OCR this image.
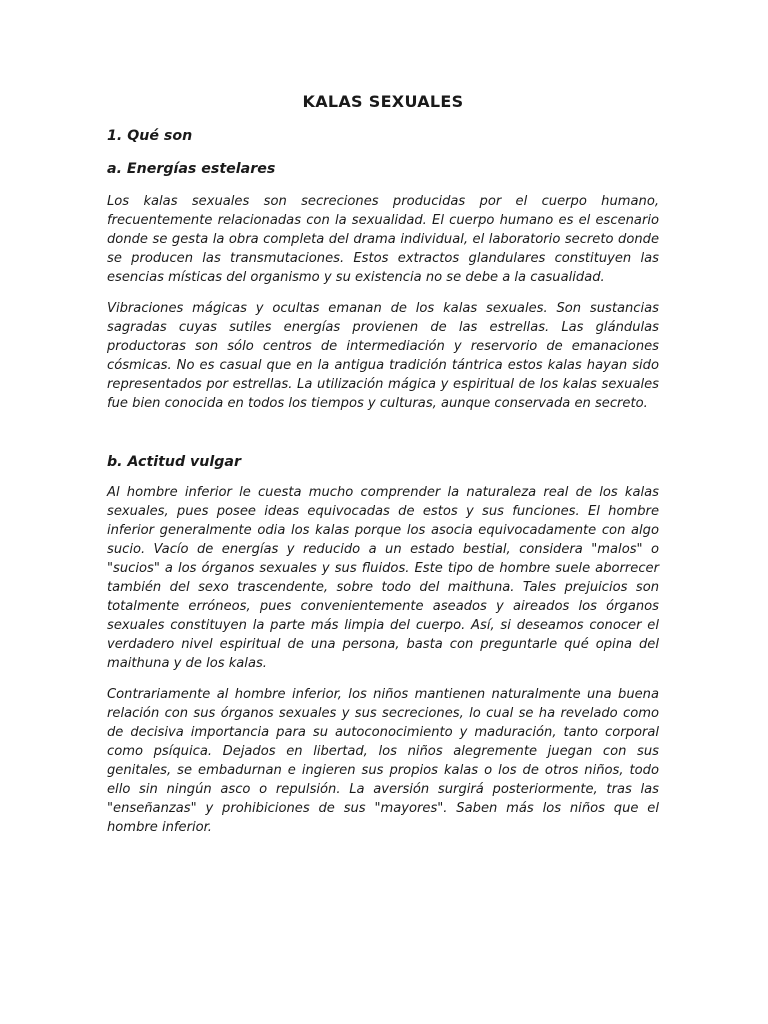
KALAS SEXUALES
1. Qué son
a. Energías estelares

Los kalas sexuales son secreciones producidas por el cuerpo humano, frecuentemente relacionadas con la sexualidad. El cuerpo humano es el escenario donde se gesta la obra completa del drama individual, el laboratorio secreto donde se producen las transmutaciones. Estos extractos glandulares constituyen las esencias místicas del organismo y su existencia no se debe a la casualidad.

Vibraciones mágicas y ocultas emanan de los kalas sexuales. Son sustancias sagradas cuyas sutiles energías provienen de las estrellas. Las glándulas productoras son sólo centros de intermediación y reservorio de emanaciones cósmicas. No es casual que en la antigua tradición tántrica estos kalas hayan sido representados por estrellas. La utilización mágica y espiritual de los kalas sexuales fue bien conocida en todos los tiempos y culturas, aunque conservada en secreto.

b. Actitud vulgar

Al hombre inferior le cuesta mucho comprender la naturaleza real de los kalas sexuales, pues posee ideas equivocadas de estos y sus funciones. El hombre inferior generalmente odia los kalas porque los asocia equivocadamente con algo sucio. Vacío de energías y reducido a un estado bestial, considera "malos" o "sucios" a los órganos sexuales y sus fluidos. Este tipo de hombre suele aborrecer también del sexo trascendente, sobre todo del maithuna. Tales prejuicios son totalmente erróneos, pues convenientemente aseados y aireados los órganos sexuales constituyen la parte más limpia del cuerpo. Así, si deseamos conocer el verdadero nivel espiritual de una persona, basta con preguntarle qué opina del maithuna y de los kalas.

Contrariamente al hombre inferior, los niños mantienen naturalmente una buena relación con sus órganos sexuales y sus secreciones, lo cual se ha revelado como de decisiva importancia para su autoconocimiento y maduración, tanto corporal como psíquica. Dejados en libertad, los niños alegremente juegan con sus genitales, se embadurnan e ingieren sus propios kalas o los de otros niños, todo ello sin ningún asco o repulsión. La aversión surgirá posteriormente, tras las "enseñanzas" y prohibiciones de sus "mayores". Saben más los niños que el hombre inferior.
